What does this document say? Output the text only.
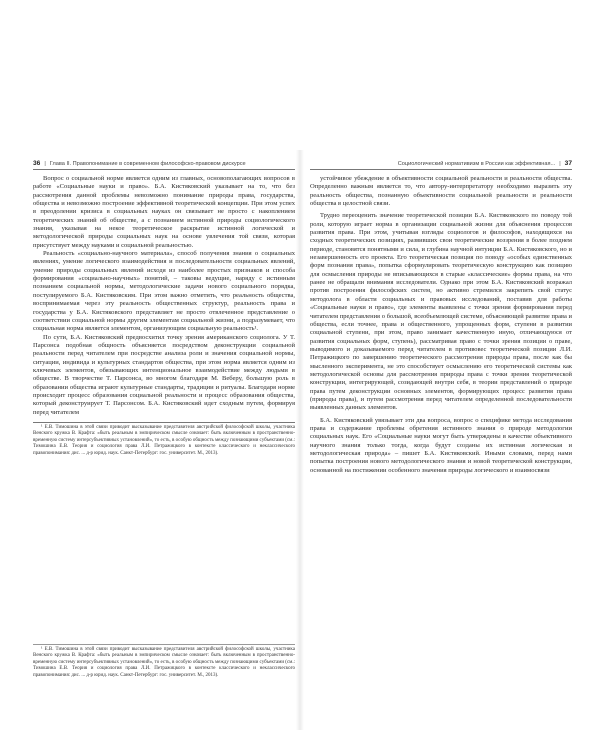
36 | Глава II. Правопонимание в современном философско-правовом дискурсе

Вопрос о социальной норме является одним из главных, основополагающих вопросов в работе «Социальные науки и право». Б.А. Кистяковский указывает на то, что без рассмотрения данной проблемы невозможно понимание природы права, государства, общества и невозможно построение эффективной теоретической концепции. При этом успех в преодолении кризиса в социальных науках он связывает не просто с накоплением теоретических знаний об обществе, а с познанием истинной природы социологического знания, указывая на некое теоретическое раскрытие истинной логической и методологической природы социальных наук на основе увлечения той связи, которая присутствует между науками и социальной реальностью.

Реальность «социально-научного материала», способ получения знания о социальных явлениях, умение логического взаимодействия и последовательности социальных явлений, умение природы социальных явлений исходя из наиболее простых признаков и способа формирования «социально-научных» понятий, – таковы ведущие, наряду с истинным познанием социальной нормы, методологические задачи нового социального порядка, постулируемого Б.А. Кистяковским. При этом важно отметить, что реальность общества, воспринимаемая через эту реальность общественных структур, реальность права и государства у Б.А. Кистяковского представляет не просто отвлеченное представление о соответствии социальной нормы другим элементам социальной жизни, а подразумевает, что социальная норма является элементом, организующим социальную реальность¹.

По сути, Б.А. Кистяковский предвосхитил точку зрения американского социолога. У Т. Парсонса подобная общность объясняется посредством деконструкции социальной реальности перед читателем при посредстве анализа роли и значения социальной нормы, ситуации, индивида и культурных стандартов общества, при этом норма является одним из ключевых элементов, обязывающих интенциональное взаимодействие между людьми в обществе. В творчестве Т. Парсонса, во многом благодаря М. Веберу, большую роль в образовании общества играют культурные стандарты, традиции и ритуалы. Благодаря норме происходит процесс образования социальной реальности и процесс образования общества, который деконструирует Т. Парсонсом. Б.А. Кистяковский идет сходным путем, формируя перед читателем

¹ Е.В. Тимошина в этой связи приводит высказывание представителя австрийской философской школы, участника Венского кружка В. Крафта: «быть реальным в эмпирическом смысле означает: быть включенным в пространственно-временную систему интерсубъективных установлений», то есть, в особую общность между познающими субъектами (см.: Тимошина Е.В. Теория и социология права Л.И. Петражицкого в контексте классического и неклассического правопонимания: дис. ... д-р юрид. наук. Санкт-Петербург: гос. университет. М., 2013).

Социологический нормативизм в России как эффективная... | 37

устойчивое убеждение в объективности социальной реальности и реальности общества. Определенно важным является то, что автору-интерпретатору необходимо выразить эту реальность общества, познанную объективности социальной реальности и реальности общества в целостной связи.

Трудно переоценить значение теоретической позиции Б.А. Кистяковского по поводу той роли, которую играет норма в организации социальной жизни для объяснения процессов развития права. При этом, учитывая взгляды социологов и философов, находящихся на сходных теоретических позициях, развивших свои теоретические воззрения в более позднем периоде, становятся понятными и сила, и глубина научной интуиции Б.А. Кистяковского, но и незавершенность его проекта. Его теоретическая позиция по поводу «особых единственных форм познания права», попытка сформулировать теоретическую конструкцию как позицию для осмысления природы не вписывающихся в старые «классические» формы права, на что ранее не обращали внимания исследователи. Однако при этом Б.А. Кистяковский возражал против построения философских систем, но активно стремился закрепить свой статус методолога в области социальных и правовых исследований, поставив для работы «Социальные науки и право», где элементы выявлены с точки зрения формирования перед читателем представления о большой, всеобъемлющей системе, объясняющей развитие права и общества, если точнее, права и общественного, упрощенных форм, ступени в развитии социальной ступени, при этом, право занимает качественную иную, отличающуюся от развития социальных форм, ступень), рассматривая право с точки зрения позиции о праве, выводимого и доказываемого перед читателем в противовес теоретической позиции Л.И. Петражицкого по завершению теоретического рассмотрения природы права, после как бы мысленного эксперимента, не это способствует осмыслению его теоретической системы как методологической основы для рассмотрения природы права с точки зрения теоретической конструкции, интегрирующей, созидающей внутри себя, в теории представлений о природе права путем деконструкции основных элементов, формирующих процесс развития права (природы права), и путем рассмотрения перед читателем определенной последовательности выявленных данных элементов.

Б.А. Кистяковский увязывает эти два вопроса, вопрос о специфике метода исследования права и содержание проблемы обретения истинного знания о природе методологии социальных наук. Его «Социальные науки могут быть утверждены в качестве объективного научного знания только тогда, когда будут созданы их истинная логическая и методологическая природа» – пишет Б.А. Кистяковский. Иными словами, перед нами попытка построения нового методологического знания и новой теоретической конструкции, основанной на постижении особенного значения природы логического и взаимосвязи

¹ Е.В. Тимошина в этой связи приводит высказывание представителя австрийской философской школы, участника Венского кружка В. Крафта: «быть реальным в эмпирическом смысле означает: быть включенным в пространственно-временную систему интерсубъективных установлений», то есть, в особую общность между познающими субъектами (см.: Тимошина Е.В. Теория и социология права Л.И. Петражицкого в контексте классического и неклассического правопонимания: дис. ... д-р юрид. наук. Санкт-Петербург: гос. университет. М., 2013).
